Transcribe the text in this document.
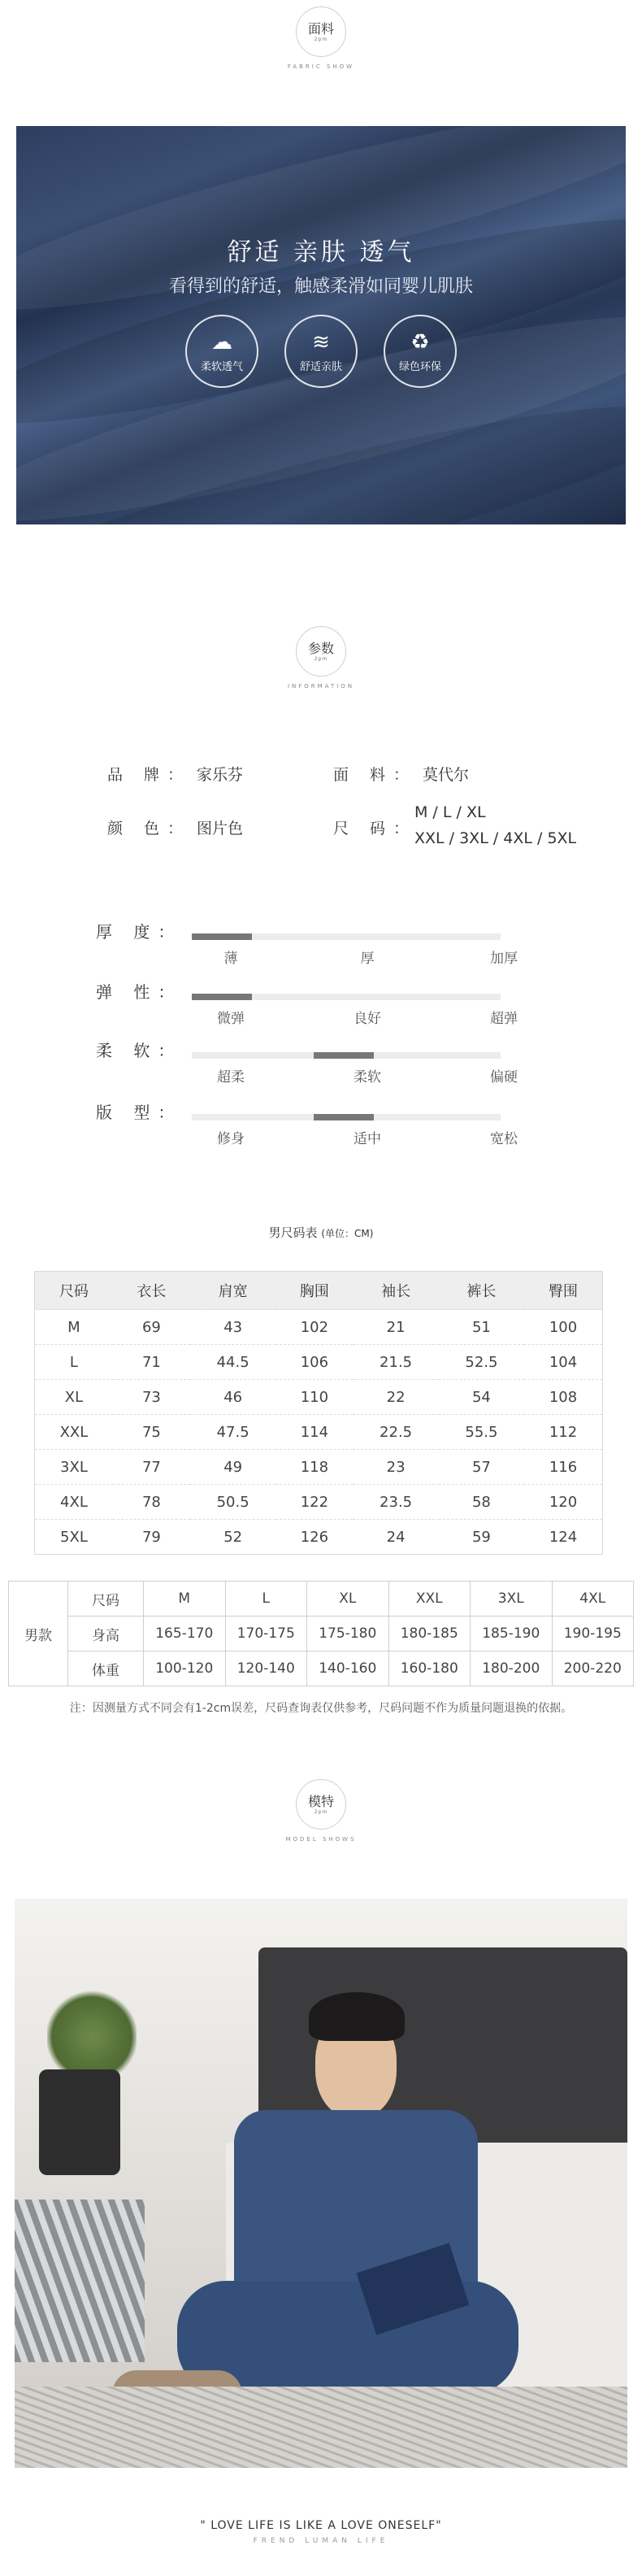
面料
2pm
FABRIC SHOW
舒适 亲肤 透气
看得到的舒适，触感柔滑如同婴儿肌肤
☁
柔软透气
≋
舒适亲肤
♻
绿色环保
参数
2pm
INFORMATION
品 牌： 家乐芬	面 料： 莫代尔
颜 色： 图片色	尺 码：
M / L / XL
XXL / 3XL / 4XL / 5XL
厚 度：
薄	厚	加厚
弹 性：
微弹	良好	超弹
柔 软：
超柔	柔软	偏硬
版 型：
修身	适中	宽松
男尺码表 (单位：CM)
尺码	衣长	肩宽	胸围	袖长	裤长	臀围
M	69	43	102	21	51	100
L	71	44.5	106	21.5	52.5	104
XL	73	46	110	22	54	108
XXL	75	47.5	114	22.5	55.5	112
3XL	77	49	118	23	57	116
4XL	78	50.5	122	23.5	58	120
5XL	79	52	126	24	59	124
男款	尺码	M	L	XL	XXL	3XL	4XL
	身高	165-170	170-175	175-180	180-185	185-190	190-195
	体重	100-120	120-140	140-160	160-180	180-200	200-220
注：因测量方式不同会有1-2cm误差，尺码查询表仅供参考，尺码问题不作为质量问题退换的依据。
模特
2pm
MODEL SHOWS
" LOVE LIFE IS LIKE A LOVE ONESELF"
FREND LUMAN LIFE
